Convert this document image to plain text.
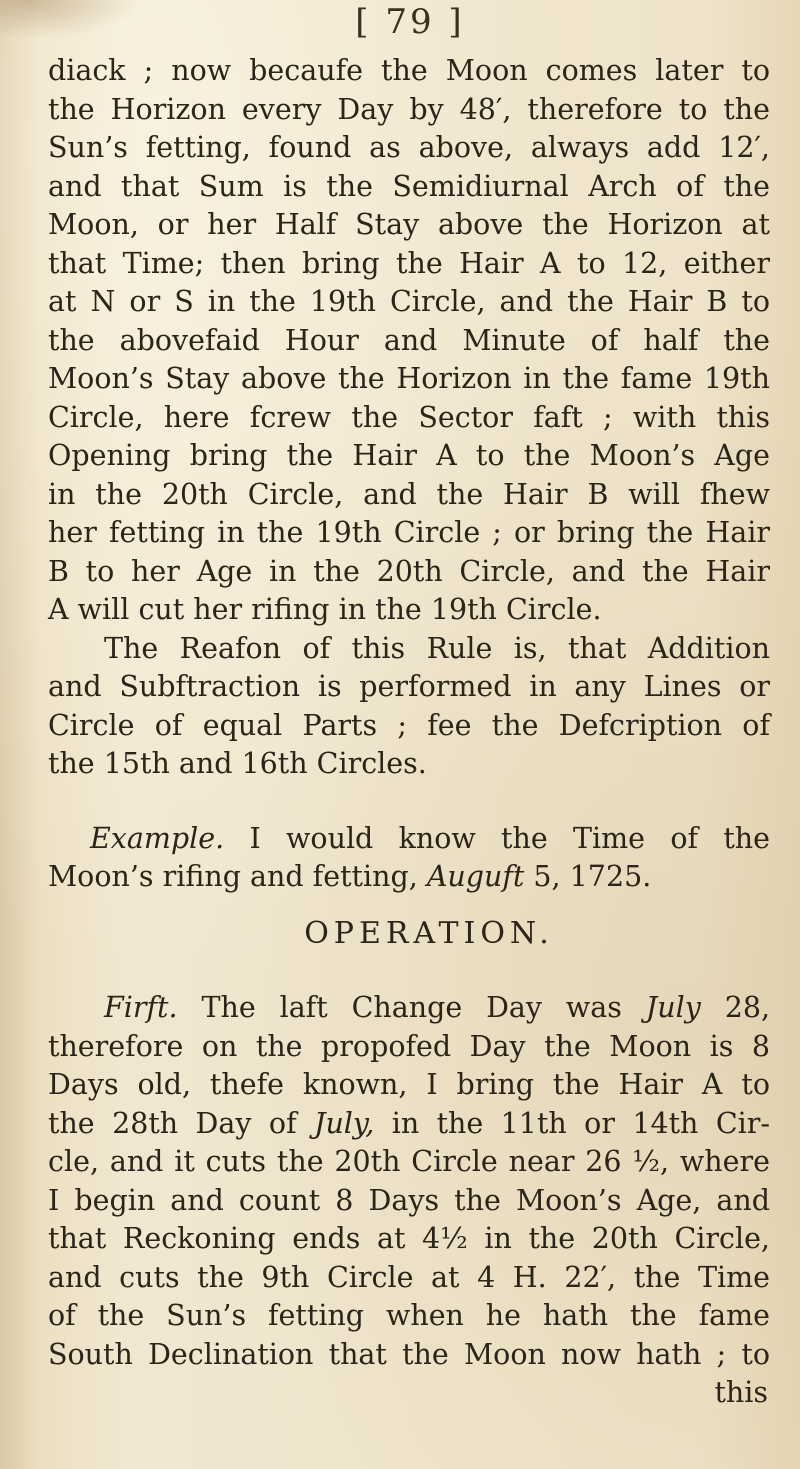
[ 79 ]
diack ; now becaufe the Moon comes later to
the Horizon every Day by 48′, therefore to the
Sun’s fetting, found as above, always add 12′,
and that Sum is the Semidiurnal Arch of the
Moon, or her Half Stay above the Horizon at
that Time; then bring the Hair A to 12, either
at N or S in the 19th Circle, and the Hair B to
the abovefaid Hour and Minute of half the
Moon’s Stay above the Horizon in the fame 19th
Circle, here fcrew the Sector faft ; with this
Opening bring the Hair A to the Moon’s Age
in the 20th Circle, and the Hair B will fhew
her fetting in the 19th Circle ; or bring the Hair
B to her Age in the 20th Circle, and the Hair
A will cut her rifing in the 19th Circle.
The Reafon of this Rule is, that Addition
and Subftraction is performed in any Lines or
Circle of equal Parts ; fee the Defcription of
the 15th and 16th Circles.
Example. I would know the Time of the
Moon’s rifing and fetting, Auguft 5, 1725.
OPERATION.
Firft. The laft Change Day was July 28,
therefore on the propofed Day the Moon is 8
Days old, thefe known, I bring the Hair A to
the 28th Day of July, in the 11th or 14th Cir-
cle, and it cuts the 20th Circle near 26 ½, where
I begin and count 8 Days the Moon’s Age, and
that Reckoning ends at 4½ in the 20th Circle,
and cuts the 9th Circle at 4 H. 22′, the Time
of the Sun’s fetting when he hath the fame
South Declination that the Moon now hath ; to
this
